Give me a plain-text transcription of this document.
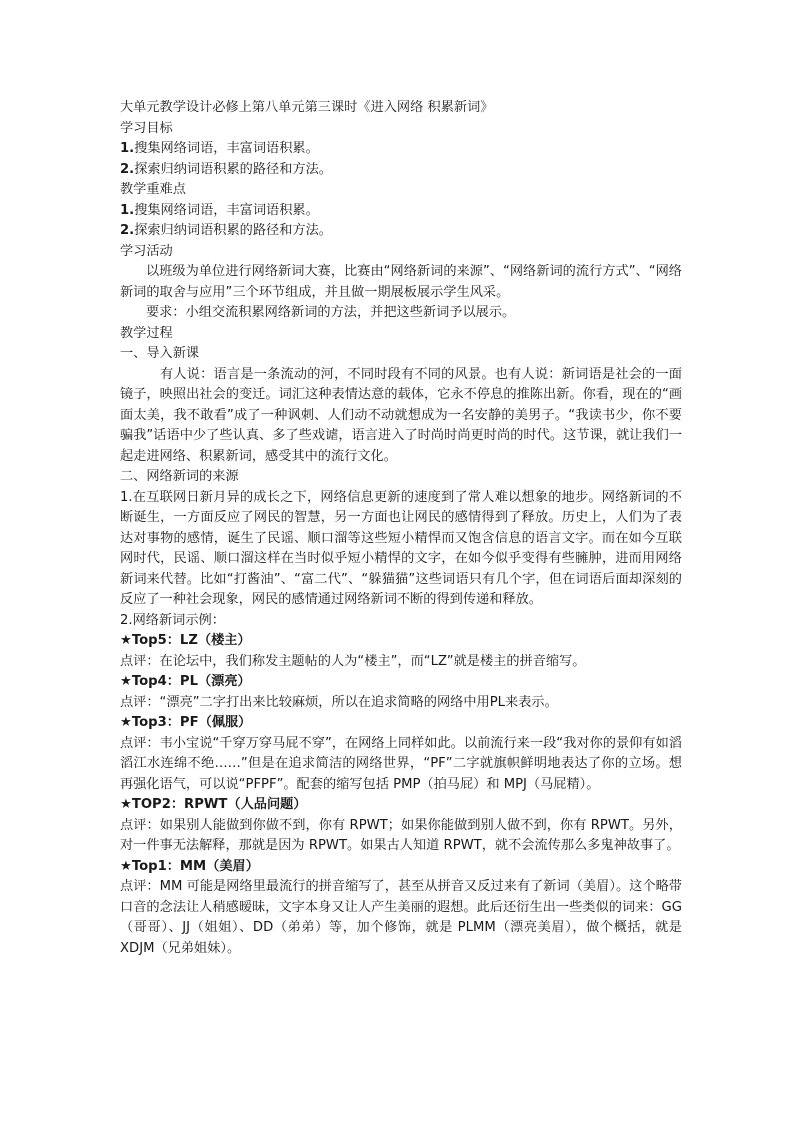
大单元教学设计必修上第八单元第三课时《进入网络 积累新词》

学习目标

1.搜集网络词语，丰富词语积累。

2.探索归纳词语积累的路径和方法。

教学重难点

1.搜集网络词语，丰富词语积累。

2.探索归纳词语积累的路径和方法。

学习活动

以班级为单位进行网络新词大赛，比赛由“网络新词的来源”、“网络新词的流行方式”、“网络新词的取舍与应用”三个环节组成，并且做一期展板展示学生风采。

要求：小组交流积累网络新词的方法，并把这些新词予以展示。

教学过程

一、导入新课

有人说：语言是一条流动的河，不同时段有不同的风景。也有人说：新词语是社会的一面镜子，映照出社会的变迁。词汇这种表情达意的载体，它永不停息的推陈出新。你看，现在的“画面太美，我不敢看”成了一种讽刺、人们动不动就想成为一名安静的美男子。“我读书少，你不要骗我”话语中少了些认真、多了些戏谑，语言进入了时尚时尚更时尚的时代。这节课，就让我们一起走进网络、积累新词，感受其中的流行文化。

二、网络新词的来源

1.在互联网日新月异的成长之下，网络信息更新的速度到了常人难以想象的地步。网络新词的不断诞生，一方面反应了网民的智慧，另一方面也让网民的感情得到了释放。历史上，人们为了表达对事物的感情，诞生了民谣、顺口溜等这些短小精悍而又饱含信息的语言文字。而在如今互联网时代，民谣、顺口溜这样在当时似乎短小精悍的文字，在如今似乎变得有些臃肿，进而用网络新词来代替。比如“打酱油”、“富二代”、“躲猫猫”这些词语只有几个字，但在词语后面却深刻的反应了一种社会现象，网民的感情通过网络新词不断的得到传递和释放。

2.网络新词示例：

★Top5：LZ（楼主）

点评：在论坛中，我们称发主题帖的人为“楼主”，而“LZ”就是楼主的拼音缩写。

★Top4：PL（漂亮）

点评：“漂亮”二字打出来比较麻烦，所以在追求简略的网络中用PL来表示。

★Top3：PF（佩服）

点评：韦小宝说“千穿万穿马屁不穿”，在网络上同样如此。以前流行来一段“我对你的景仰有如滔滔江水连绵不绝……”但是在追求简洁的网络世界，“PF”二字就旗帜鲜明地表达了你的立场。想再强化语气，可以说“PFPF”。配套的缩写包括 PMP（拍马屁）和 MPJ（马屁精）。

★TOP2：RPWT（人品问题）

点评：如果别人能做到你做不到，你有 RPWT；如果你能做到别人做不到，你有 RPWT。另外，对一件事无法解释，那就是因为 RPWT。如果古人知道 RPWT，就不会流传那么多鬼神故事了。

★Top1：MM（美眉）

点评：MM 可能是网络里最流行的拼音缩写了，甚至从拼音又反过来有了新词（美眉）。这个略带口音的念法让人稍感暧昧，文字本身又让人产生美丽的遐想。此后还衍生出一些类似的词来：GG（哥哥）、JJ（姐姐）、DD（弟弟）等，加个修饰，就是 PLMM（漂亮美眉），做个概括，就是 XDJM（兄弟姐妹）。
